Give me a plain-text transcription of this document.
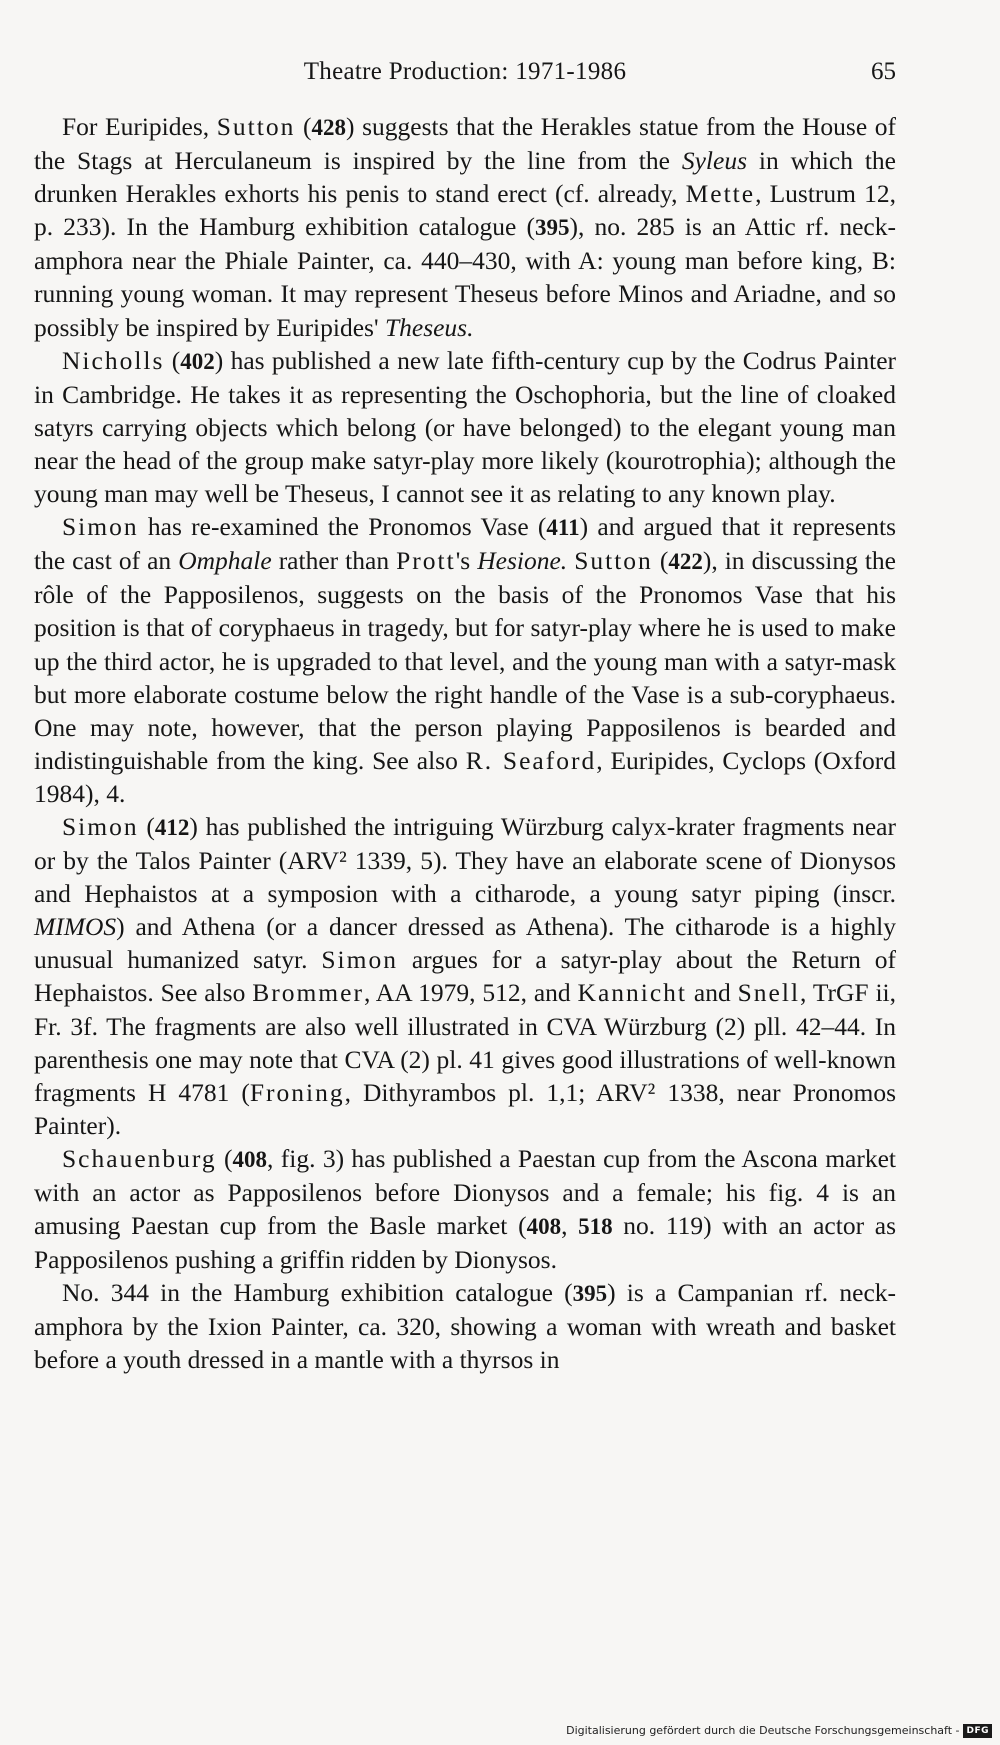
Theatre Production: 1971-1986	65

For Euripides, Sutton (428) suggests that the Herakles statue from the House of the Stags at Herculaneum is inspired by the line from the Syleus in which the drunken Herakles exhorts his penis to stand erect (cf. already, Mette, Lustrum 12, p. 233). In the Hamburg exhibition catalogue (395), no. 285 is an Attic rf. neck-amphora near the Phiale Painter, ca. 440–430, with A: young man before king, B: running young woman. It may represent Theseus before Minos and Ariadne, and so possibly be inspired by Euripides' Theseus.

Nicholls (402) has published a new late fifth-century cup by the Codrus Painter in Cambridge. He takes it as representing the Oschophoria, but the line of cloaked satyrs carrying objects which belong (or have belonged) to the elegant young man near the head of the group make satyr-play more likely (kourotrophia); although the young man may well be Theseus, I cannot see it as relating to any known play.

Simon has re-examined the Pronomos Vase (411) and argued that it represents the cast of an Omphale rather than Prott's Hesione. Sutton (422), in discussing the rôle of the Papposilenos, suggests on the basis of the Pronomos Vase that his position is that of coryphaeus in tragedy, but for satyr-play where he is used to make up the third actor, he is upgraded to that level, and the young man with a satyr-mask but more elaborate costume below the right handle of the Vase is a sub-coryphaeus. One may note, however, that the person playing Papposilenos is bearded and indistinguishable from the king. See also R. Seaford, Euripides, Cyclops (Oxford 1984), 4.

Simon (412) has published the intriguing Würzburg calyx-krater fragments near or by the Talos Painter (ARV² 1339, 5). They have an elaborate scene of Dionysos and Hephaistos at a symposion with a citharode, a young satyr piping (inscr. MIMOS) and Athena (or a dancer dressed as Athena). The citharode is a highly unusual humanized satyr. Simon argues for a satyr-play about the Return of Hephaistos. See also Brommer, AA 1979, 512, and Kannicht and Snell, TrGF ii, Fr. 3f. The fragments are also well illustrated in CVA Würzburg (2) pll. 42–44. In parenthesis one may note that CVA (2) pl. 41 gives good illustrations of well-known fragments H 4781 (Froning, Dithyrambos pl. 1,1; ARV² 1338, near Pronomos Painter).

Schauenburg (408, fig. 3) has published a Paestan cup from the Ascona market with an actor as Papposilenos before Dionysos and a female; his fig. 4 is an amusing Paestan cup from the Basle market (408, 518 no. 119) with an actor as Papposilenos pushing a griffin ridden by Dionysos.

No. 344 in the Hamburg exhibition catalogue (395) is a Campanian rf. neck-amphora by the Ixion Painter, ca. 320, showing a woman with wreath and basket before a youth dressed in a mantle with a thyrsos in

Digitalisierung gefördert durch die Deutsche Forschungsgemeinschaft - DFG
